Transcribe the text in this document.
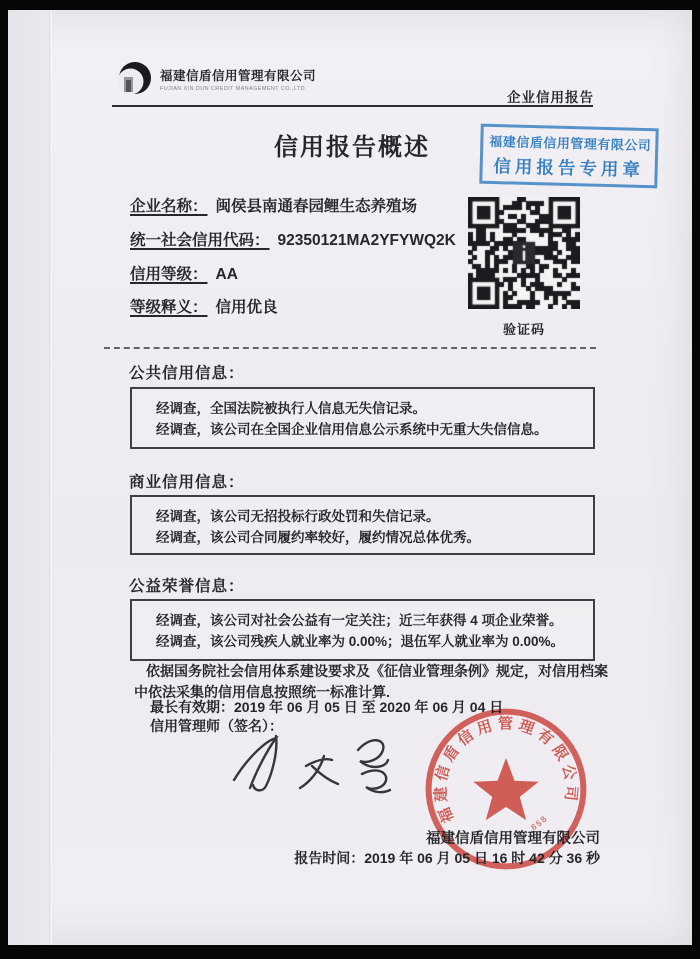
福建信盾信用管理有限公司
FUJIAN XIN DUN CREDIT MANAGEMENT CO.,LTD
企业信用报告
信用报告概述	福建信盾信用管理有限公司
信用报告专用章
企业名称： 闽侯县南通春园鲤生态养殖场
统一社会信用代码： 92350121MA2YFYWQ2K
信用等级： AA
等级释义： 信用优良
验证码
公共信用信息：
经调查，全国法院被执行人信息无失信记录。
经调查，该公司在全国企业信用信息公示系统中无重大失信信息。
商业信用信息：
经调查，该公司无招投标行政处罚和失信记录。
经调查，该公司合同履约率较好，履约情况总体优秀。
公益荣誉信息：
经调查，该公司对社会公益有一定关注；近三年获得 4 项企业荣誉。
经调查，该公司残疾人就业率为 0.00%；退伍军人就业率为 0.00%。
依据国务院社会信用体系建设要求及《征信业管理条例》规定，对信用档案
中依法采集的信用信息按照统一标准计算.
最长有效期：2019 年 06 月 05 日 至 2020 年 06 月 04 日
信用管理师（签名）：
福建信盾信用管理有限公司
658
福建信盾信用管理有限公司
报告时间：2019 年 06 月 05 日 16 时 42 分 36 秒
